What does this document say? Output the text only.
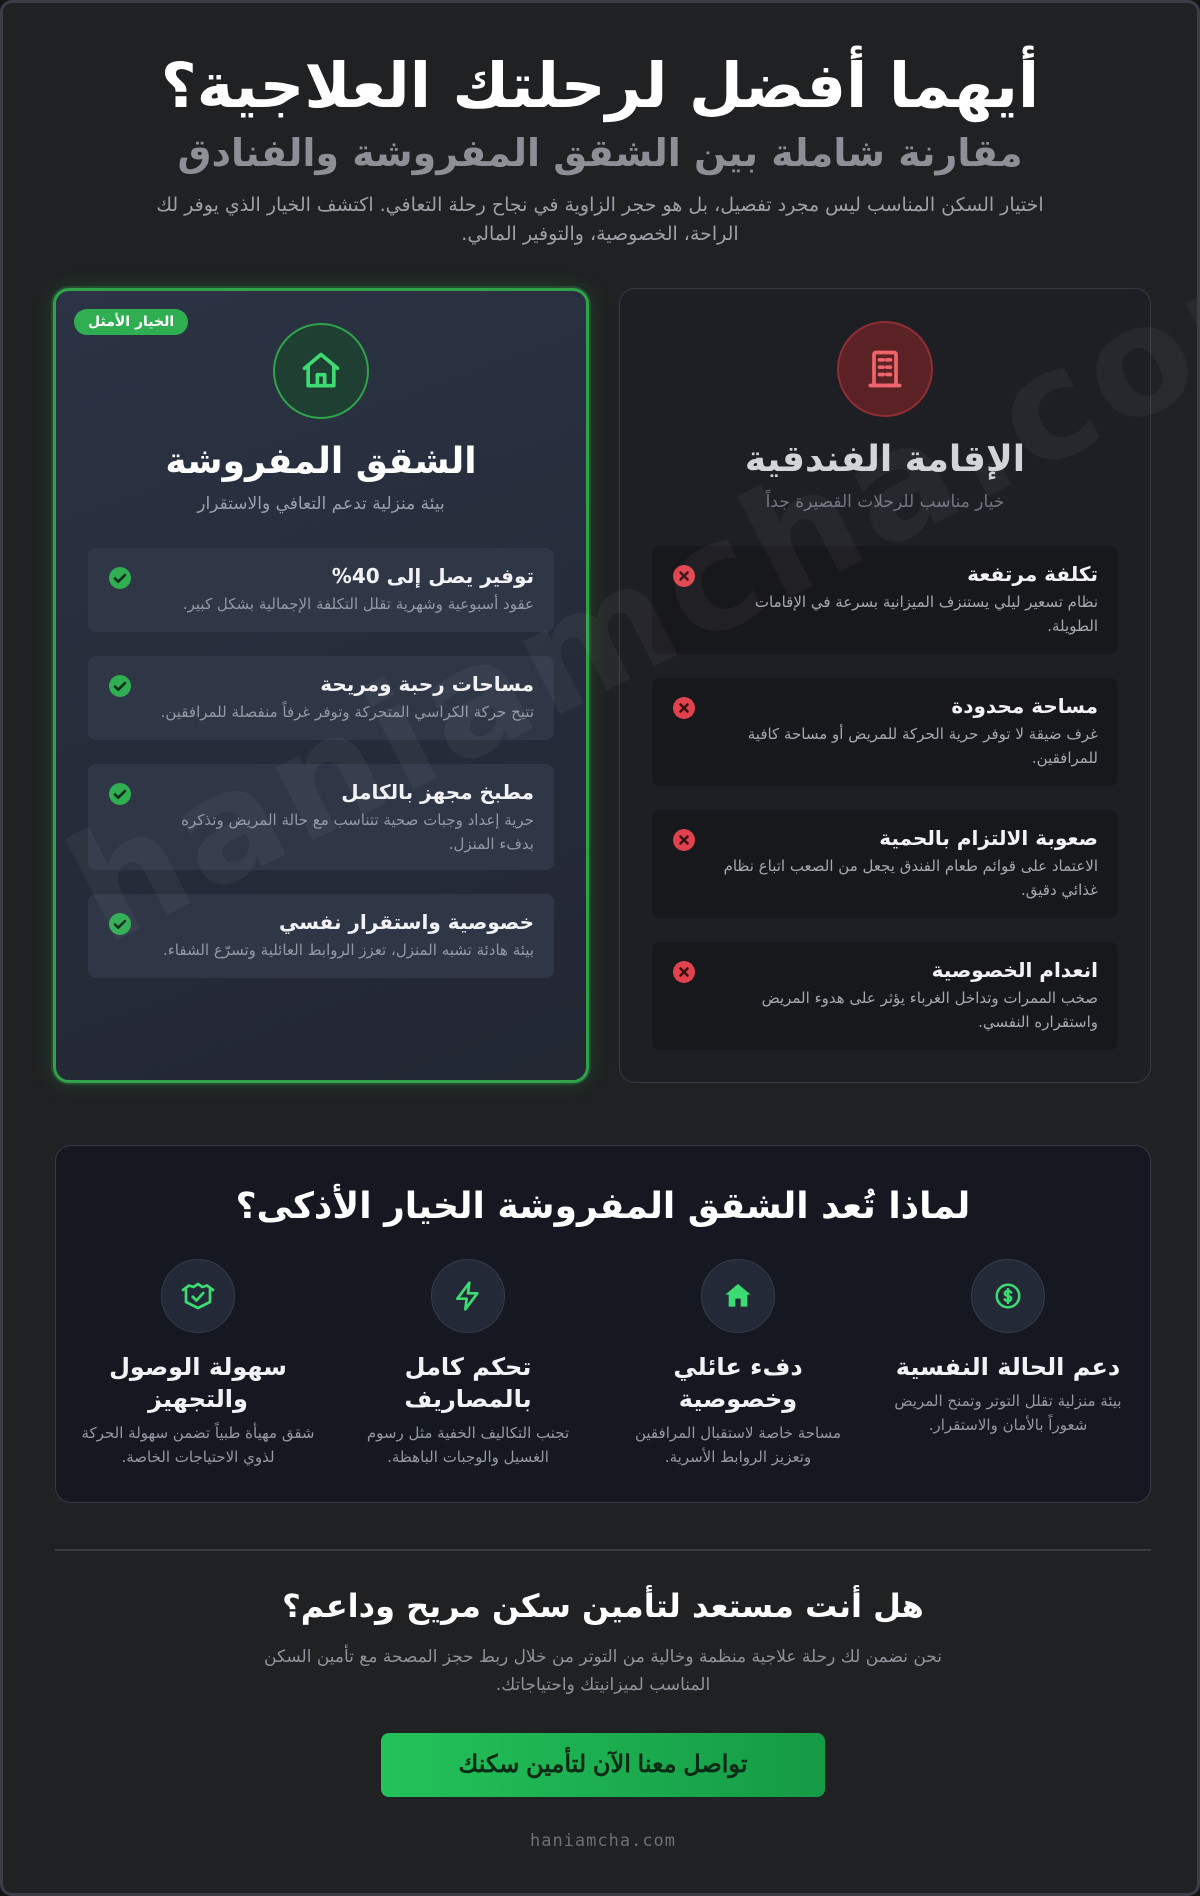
أيهما أفضل لرحلتك العلاجية؟
مقارنة شاملة بين الشقق المفروشة والفنادق

اختيار السكن المناسب ليس مجرد تفصيل، بل هو حجر الزاوية في نجاح رحلة التعافي. اكتشف الخيار الذي يوفر لك الراحة، الخصوصية، والتوفير المالي.

الخيار الأمثل
الشقق المفروشة
بيئة منزلية تدعم التعافي والاستقرار
توفير يصل إلى 40%
عقود أسبوعية وشهرية تقلل التكلفة الإجمالية بشكل كبير.
مساحات رحبة ومريحة
تتيح حركة الكراسي المتحركة وتوفر غرفاً منفصلة للمرافقين.
مطبخ مجهز بالكامل
حرية إعداد وجبات صحية تتناسب مع حالة المريض وتذكره بدفء المنزل.
خصوصية واستقرار نفسي
بيئة هادئة تشبه المنزل، تعزز الروابط العائلية وتسرّع الشفاء.
الإقامة الفندقية
خيار مناسب للرحلات القصيرة جداً
تكلفة مرتفعة
نظام تسعير ليلي يستنزف الميزانية بسرعة في الإقامات الطويلة.
مساحة محدودة
غرف ضيقة لا توفر حرية الحركة للمريض أو مساحة كافية للمرافقين.
صعوبة الالتزام بالحمية
الاعتماد على قوائم طعام الفندق يجعل من الصعب اتباع نظام غذائي دقيق.
انعدام الخصوصية
صخب الممرات وتداخل الغرباء يؤثر على هدوء المريض واستقراره النفسي.
لماذا تُعد الشقق المفروشة الخيار الأذكى؟
دعم الحالة النفسية
بيئة منزلية تقلل التوتر وتمنح المريض شعوراً بالأمان والاستقرار.
دفء عائلي وخصوصية
مساحة خاصة لاستقبال المرافقين وتعزيز الروابط الأسرية.
تحكم كامل بالمصاريف
تجنب التكاليف الخفية مثل رسوم الغسيل والوجبات الباهظة.
سهولة الوصول والتجهيز
شقق مهيأة طبياً تضمن سهولة الحركة لذوي الاحتياجات الخاصة.
هل أنت مستعد لتأمين سكن مريح وداعم؟

نحن نضمن لك رحلة علاجية منظمة وخالية من التوتر من خلال ربط حجز المصحة مع تأمين السكن المناسب لميزانيتك واحتياجاتك.

تواصل معنا الآن لتأمين سكنك
haniamcha.com
